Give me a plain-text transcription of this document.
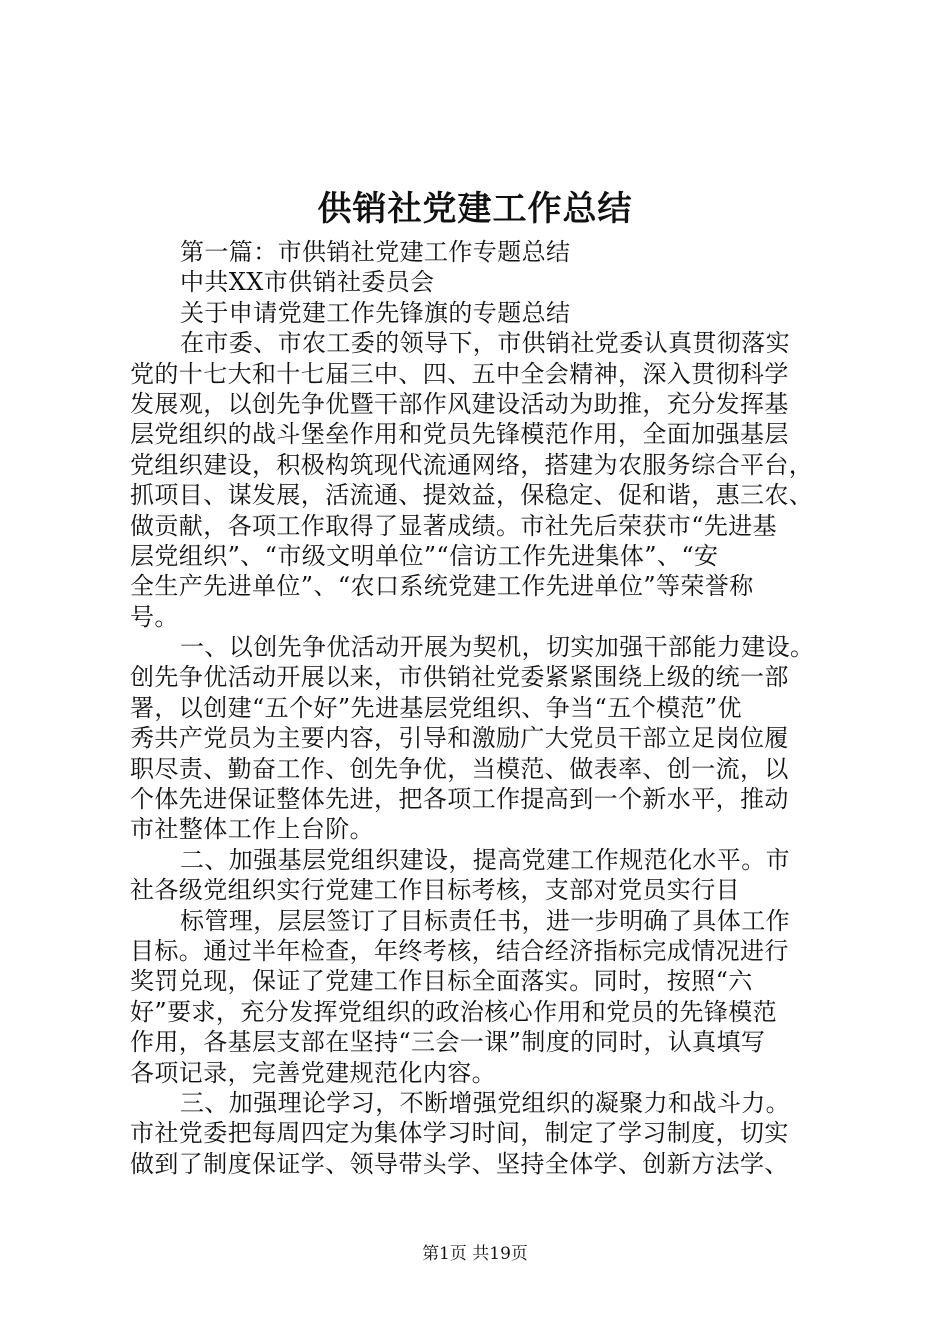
供销社党建工作总结
第一篇：市供销社党建工作专题总结
中共XX市供销社委员会
关于申请党建工作先锋旗的专题总结
在市委、市农工委的领导下，市供销社党委认真贯彻落实
党的十七大和十七届三中、四、五中全会精神，深入贯彻科学
发展观，以创先争优暨干部作风建设活动为助推，充分发挥基
层党组织的战斗堡垒作用和党员先锋模范作用，全面加强基层
党组织建设，积极构筑现代流通网络，搭建为农服务综合平台，
抓项目、谋发展，活流通、提效益，保稳定、促和谐，惠三农、
做贡献，各项工作取得了显著成绩。市社先后荣获市“先进基
层党组织”、“市级文明单位”“信访工作先进集体”、“安
全生产先进单位”、“农口系统党建工作先进单位”等荣誉称
号。
一、以创先争优活动开展为契机，切实加强干部能力建设。
创先争优活动开展以来，市供销社党委紧紧围绕上级的统一部
署，以创建“五个好”先进基层党组织、争当“五个模范”优
秀共产党员为主要内容，引导和激励广大党员干部立足岗位履
职尽责、勤奋工作、创先争优，当模范、做表率、创一流，以
个体先进保证整体先进，把各项工作提高到一个新水平，推动
市社整体工作上台阶。
二、加强基层党组织建设，提高党建工作规范化水平。市
社各级党组织实行党建工作目标考核，支部对党员实行目
标管理，层层签订了目标责任书，进一步明确了具体工作
目标。通过半年检查，年终考核，结合经济指标完成情况进行
奖罚兑现，保证了党建工作目标全面落实。同时，按照“六
好”要求，充分发挥党组织的政治核心作用和党员的先锋模范
作用，各基层支部在坚持“三会一课”制度的同时，认真填写
各项记录，完善党建规范化内容。
三、加强理论学习，不断增强党组织的凝聚力和战斗力。
市社党委把每周四定为集体学习时间，制定了学习制度，切实
做到了制度保证学、领导带头学、坚持全体学、创新方法学、
第1页 共19页
